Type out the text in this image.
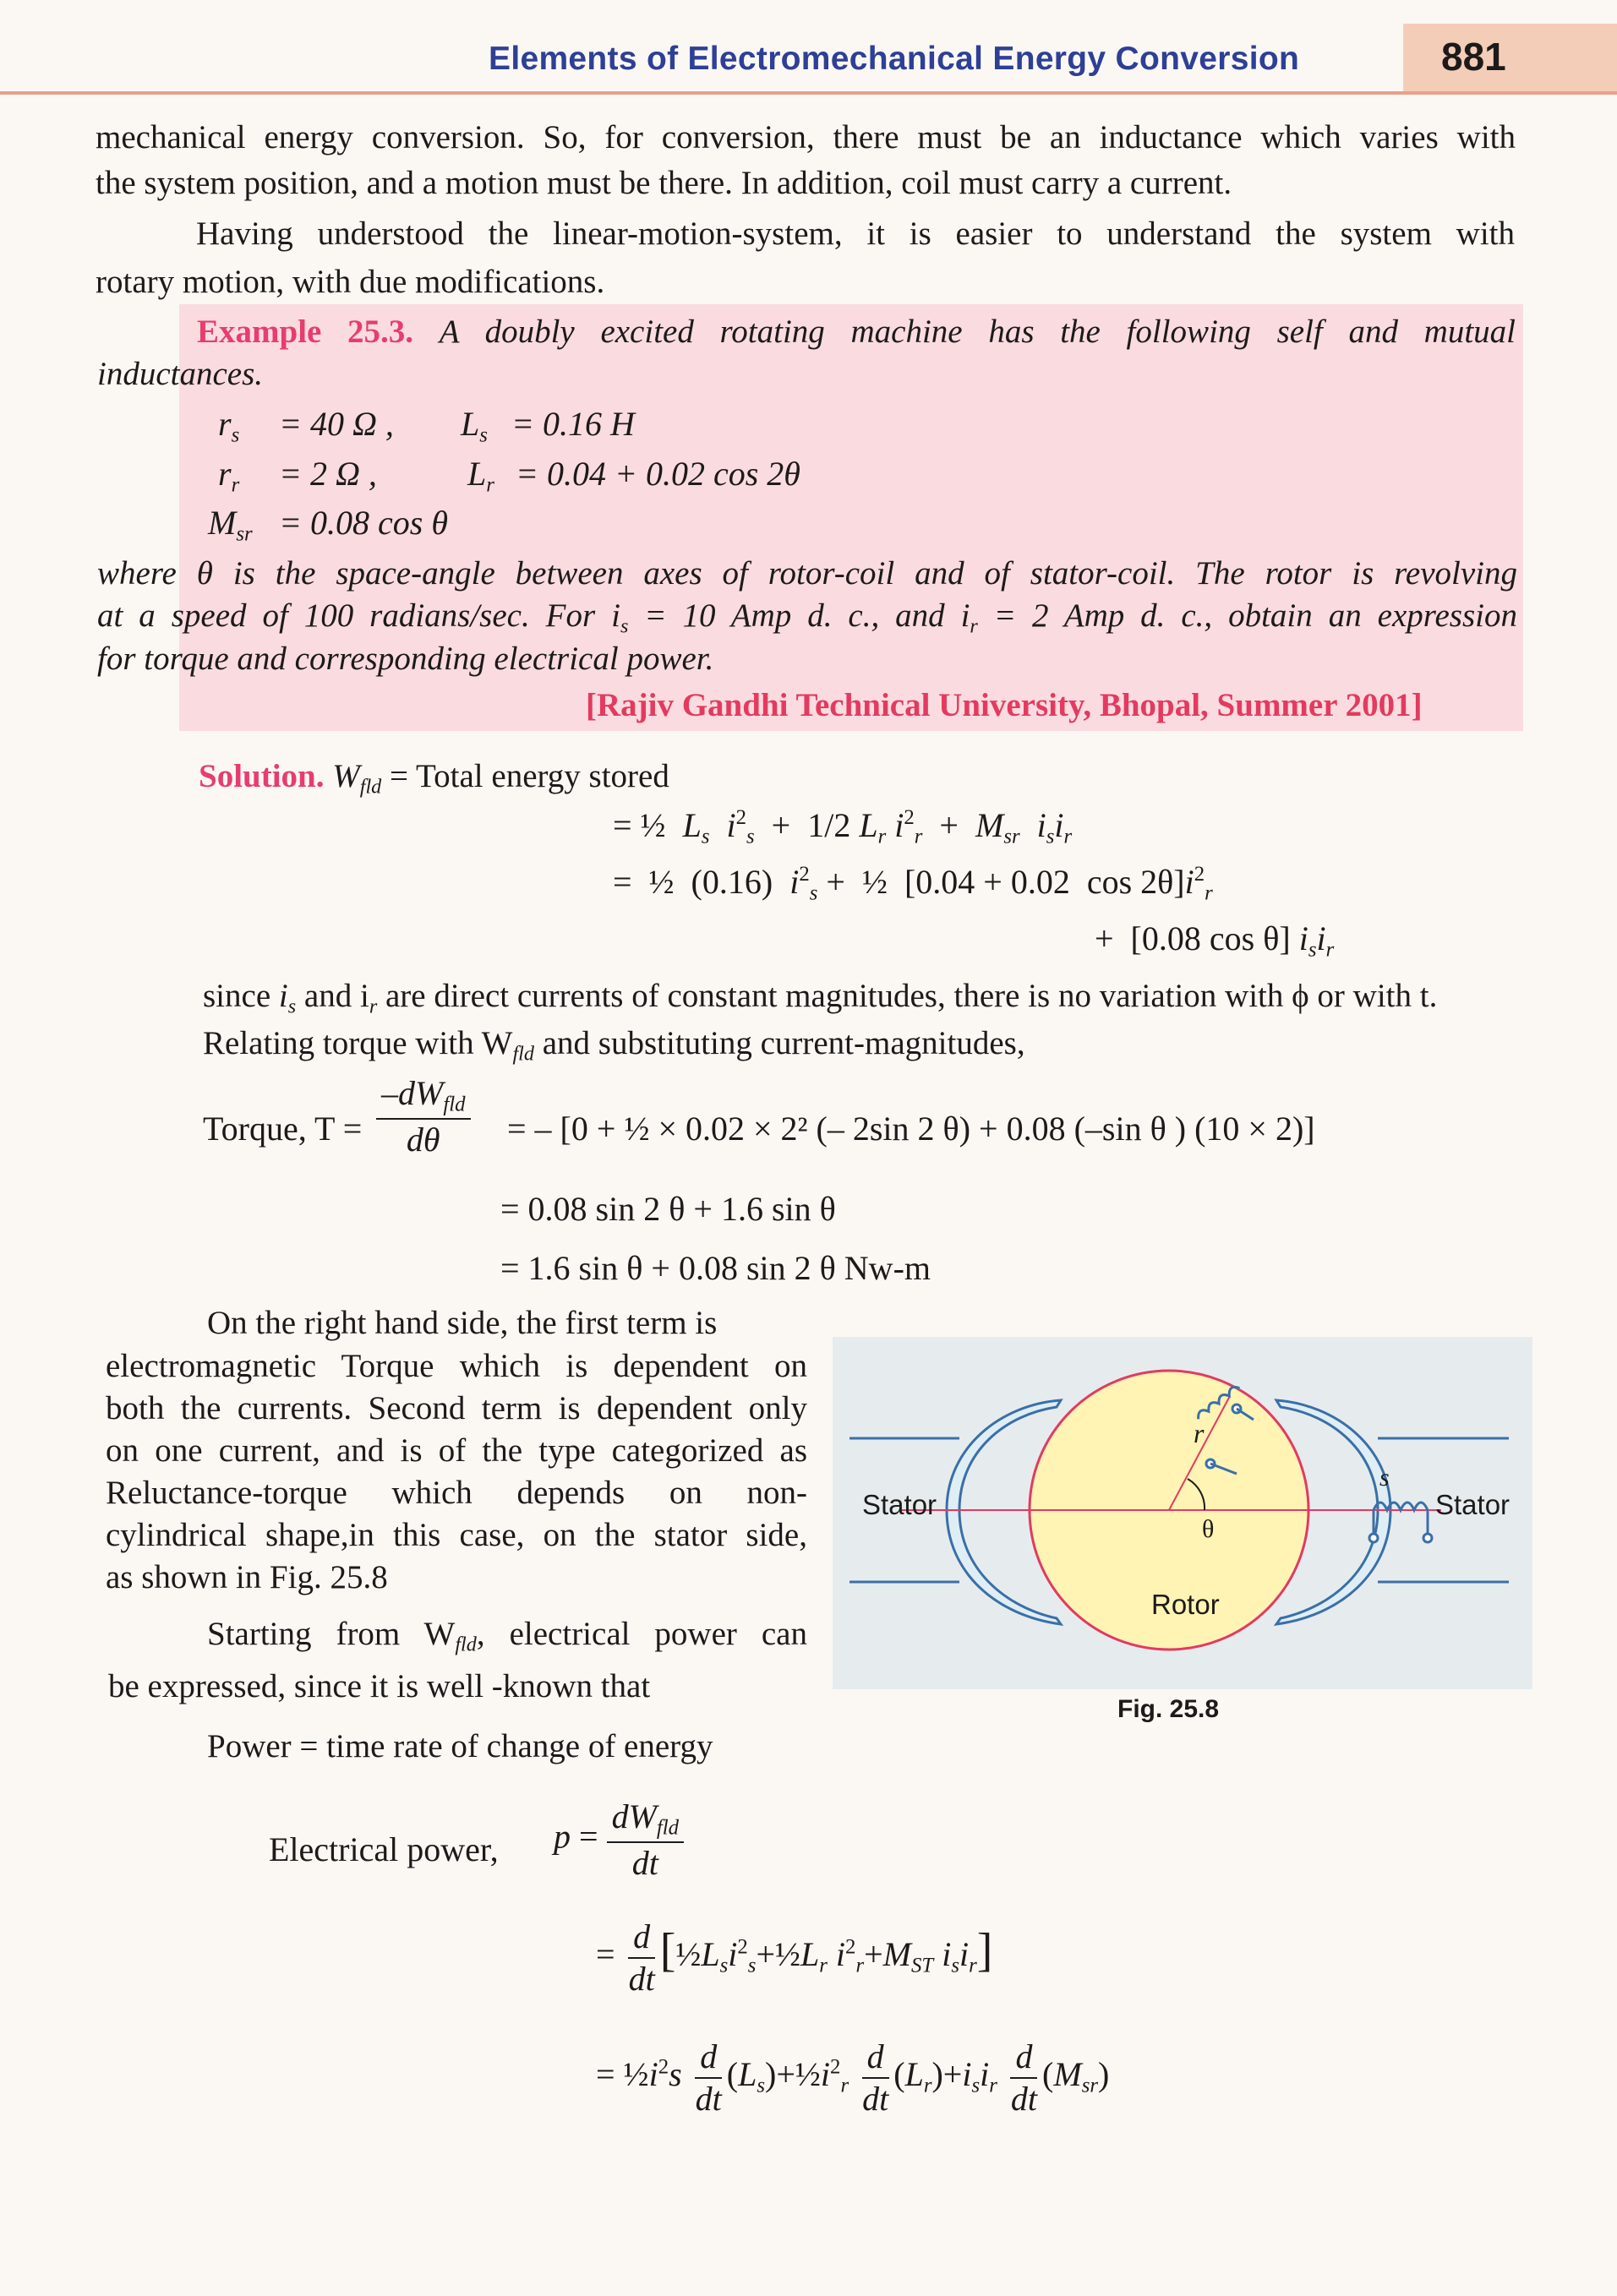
Elements of Electromechanical Energy Conversion	881
mechanical energy conversion. So, for conversion, there must be an inductance which varies with
the system position, and a motion must be there. In addition, coil must carry a current.
Having understood the linear-motion-system, it is easier to understand the system with
rotary motion, with due modifications.
Example 25.3. A doubly excited rotating machine has the following self and mutual
inductances.
$r_s = 40$ Ω , $L_s = 0.16$ H
$r_r = 2$ Ω ,	$L_r = 0.04 + 0.02$ cos 2θ
$M_{sr} = 0.08$ cos θ
where θ is the space-angle between axes of rotor-coil and of stator-coil. The rotor is revolving
at a speed of 100 radians/sec. For $i_s = 10$ Amp d. c., and $i_r = 2$ Amp d. c., obtain an expression
for torque and corresponding electrical power.
[Rajiv Gandhi Technical University, Bhopal, Summer 2001]
Solution. $W_{fld}$ = Total energy stored
= ½  $L_s$ $i^2_s + 1/2$ $L_r$ $i^2_r + M_{sr}$ $i_si_r$
=  ½  (0.16)  $i^2_s$ +  ½  [0.04 + 0.02  $\cos 2\theta]i^2_r$
+  [0.08 cos θ] $i_si_r$
since $i_s$ and $i_r$ are direct currents of constant magnitudes, there is no variation with ϕ or with t.
Relating torque with $W_{fld}$ and substituting current-magnitudes,
Torque, $T = \frac{-dW_{fld}}{d\theta}$ = – [0 + ½ × 0.02 × 2² (– 2sin 2 θ) + 0.08 (–sin θ ) (10 × 2)]
= 0.08 sin 2 θ + 1.6 sin θ
= 1.6 sin θ + 0.08 sin 2 θ Nw-m
On the right hand side, the first term is
electromagnetic Torque which is dependent on
both the currents. Second term is dependent only
on one current, and is of the type categorized as
Reluctance-torque which depends on non-
cylindrical shape,in this case, on the stator side,
as shown in Fig. 25.8
Starting from $W_{fld}$, electrical power can
be expressed, since it is well -known that
Power = time rate of change of energy
Stator	Stator
Rotor
r
s
θ
Fig. 25.8
Electrical power, $p = \frac{dW_{fld}}{dt}$
= $\frac{d}{dt}$ [$\frac{1}{2}L_si^2_s+\frac{1}{2}L_r$ $i^2_r+M_{ST}$ $i_si_r$]
= $\frac{1}{2}i^2s \frac{d}{dt}$ $(L_s)+\frac{1}{2}i^2_r \frac{d}{dt} (L_r)+i_si_r \frac{d}{dt} (M_{sr})$
